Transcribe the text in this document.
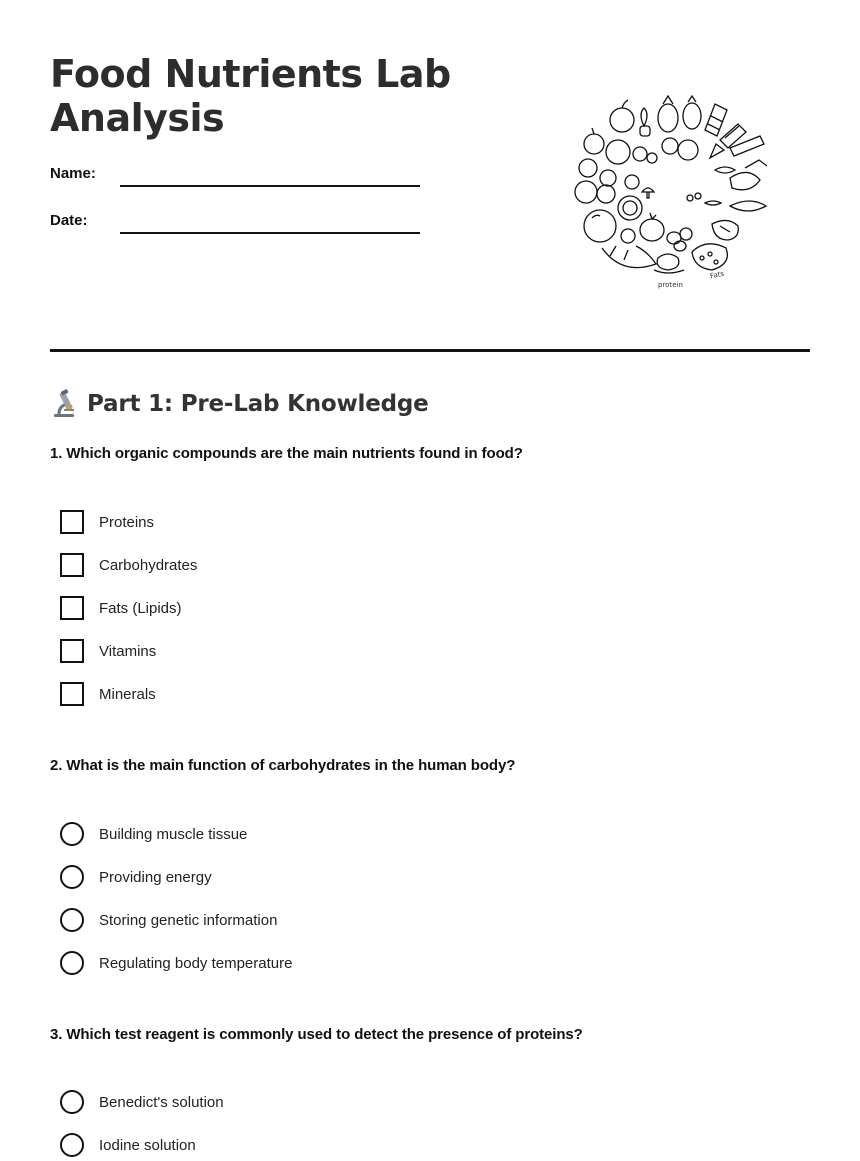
Food Nutrients Lab Analysis
Name:
Date:
protein
Fats
Part 1: Pre-Lab Knowledge
1. Which organic compounds are the main nutrients found in food?
Proteins
Carbohydrates
Fats (Lipids)
Vitamins
Minerals
2. What is the main function of carbohydrates in the human body?
Building muscle tissue
Providing energy
Storing genetic information
Regulating body temperature
3. Which test reagent is commonly used to detect the presence of proteins?
Benedict's solution
Iodine solution
